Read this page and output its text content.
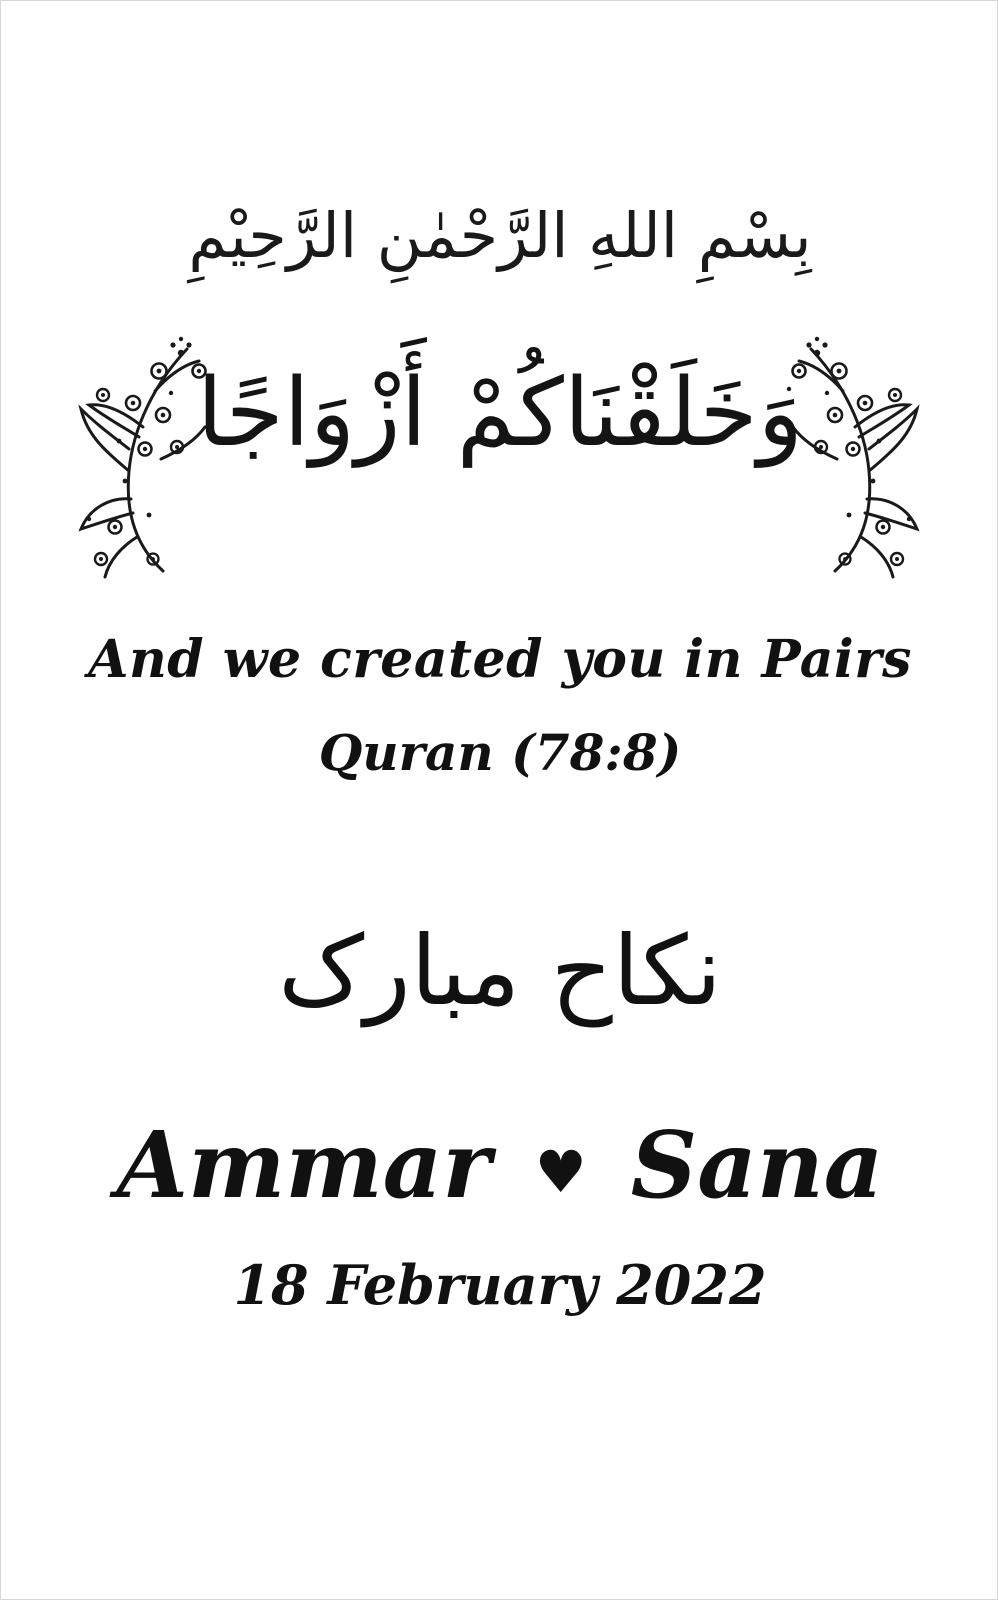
بِسْمِ اللهِ الرَّحْمٰنِ الرَّحِيْمِ
وَخَلَقْنَاكُمْ أَزْوَاجًا
And we created you in Pairs
Quran (78:8)
نکاح مبارک
Ammar ♥ Sana
18 February 2022
